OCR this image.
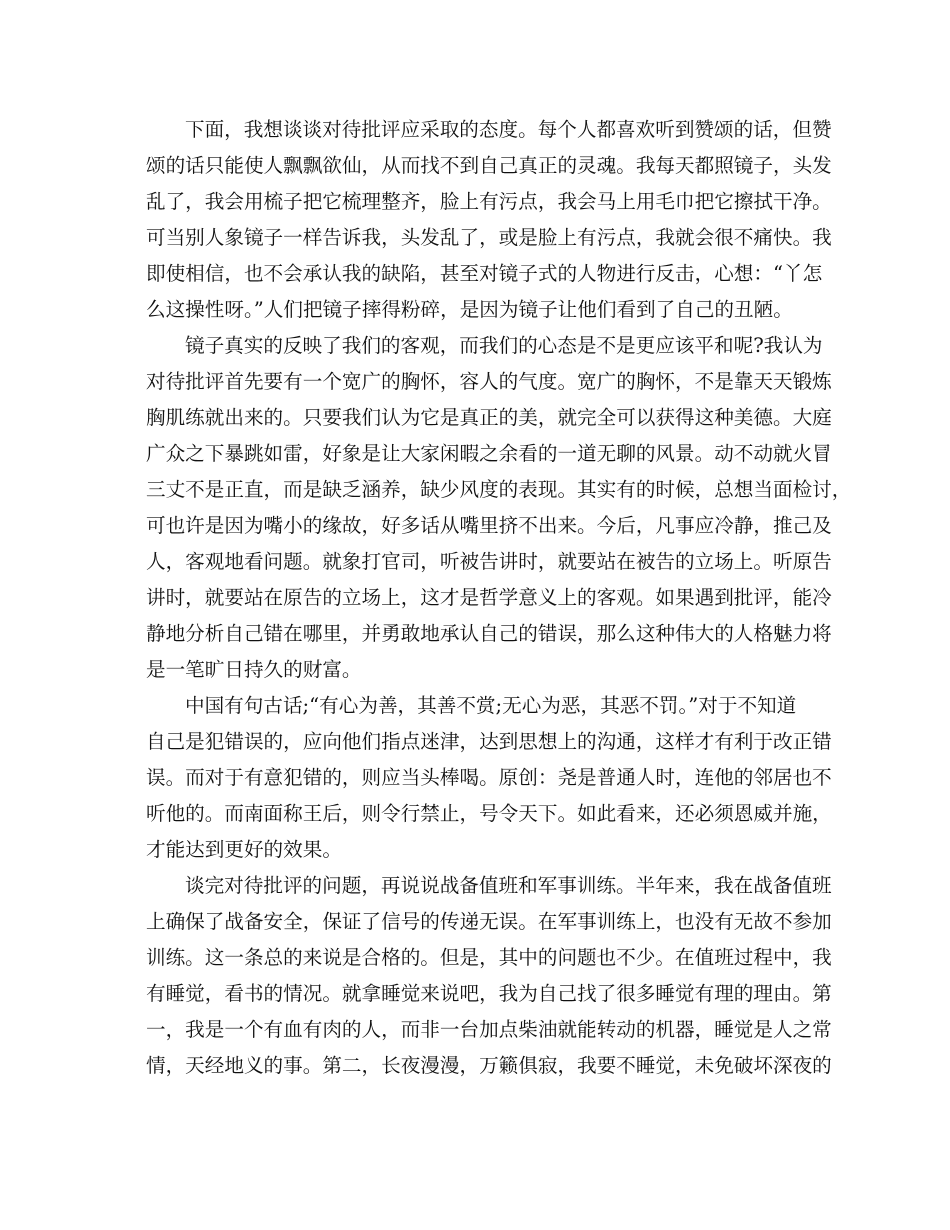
下面，我想谈谈对待批评应采取的态度。每个人都喜欢听到赞颂的话，但赞
颂的话只能使人飘飘欲仙，从而找不到自己真正的灵魂。我每天都照镜子，头发
乱了，我会用梳子把它梳理整齐，脸上有污点，我会马上用毛巾把它擦拭干净。
可当别人象镜子一样告诉我，头发乱了，或是脸上有污点，我就会很不痛快。我
即使相信，也不会承认我的缺陷，甚至对镜子式的人物进行反击，心想：“丫怎
么这操性呀。”人们把镜子摔得粉碎，是因为镜子让他们看到了自己的丑陋。
镜子真实的反映了我们的客观，而我们的心态是不是更应该平和呢?我认为
对待批评首先要有一个宽广的胸怀，容人的气度。宽广的胸怀，不是靠天天锻炼
胸肌练就出来的。只要我们认为它是真正的美，就完全可以获得这种美德。大庭
广众之下暴跳如雷，好象是让大家闲暇之余看的一道无聊的风景。动不动就火冒
三丈不是正直，而是缺乏涵养，缺少风度的表现。其实有的时候，总想当面检讨，
可也许是因为嘴小的缘故，好多话从嘴里挤不出来。今后，凡事应冷静，推己及
人，客观地看问题。就象打官司，听被告讲时，就要站在被告的立场上。听原告
讲时，就要站在原告的立场上，这才是哲学意义上的客观。如果遇到批评，能冷
静地分析自己错在哪里，并勇敢地承认自己的错误，那么这种伟大的人格魅力将
是一笔旷日持久的财富。
中国有句古话;“有心为善，其善不赏;无心为恶，其恶不罚。”对于不知道
自己是犯错误的，应向他们指点迷津，达到思想上的沟通，这样才有利于改正错
误。而对于有意犯错的，则应当头棒喝。原创：尧是普通人时，连他的邻居也不
听他的。而南面称王后，则令行禁止，号令天下。如此看来，还必须恩威并施，
才能达到更好的效果。
谈完对待批评的问题，再说说战备值班和军事训练。半年来，我在战备值班
上确保了战备安全，保证了信号的传递无误。在军事训练上，也没有无故不参加
训练。这一条总的来说是合格的。但是，其中的问题也不少。在值班过程中，我
有睡觉，看书的情况。就拿睡觉来说吧，我为自己找了很多睡觉有理的理由。第
一，我是一个有血有肉的人，而非一台加点柴油就能转动的机器，睡觉是人之常
情，天经地义的事。第二，长夜漫漫，万籁俱寂，我要不睡觉，未免破坏深夜的
